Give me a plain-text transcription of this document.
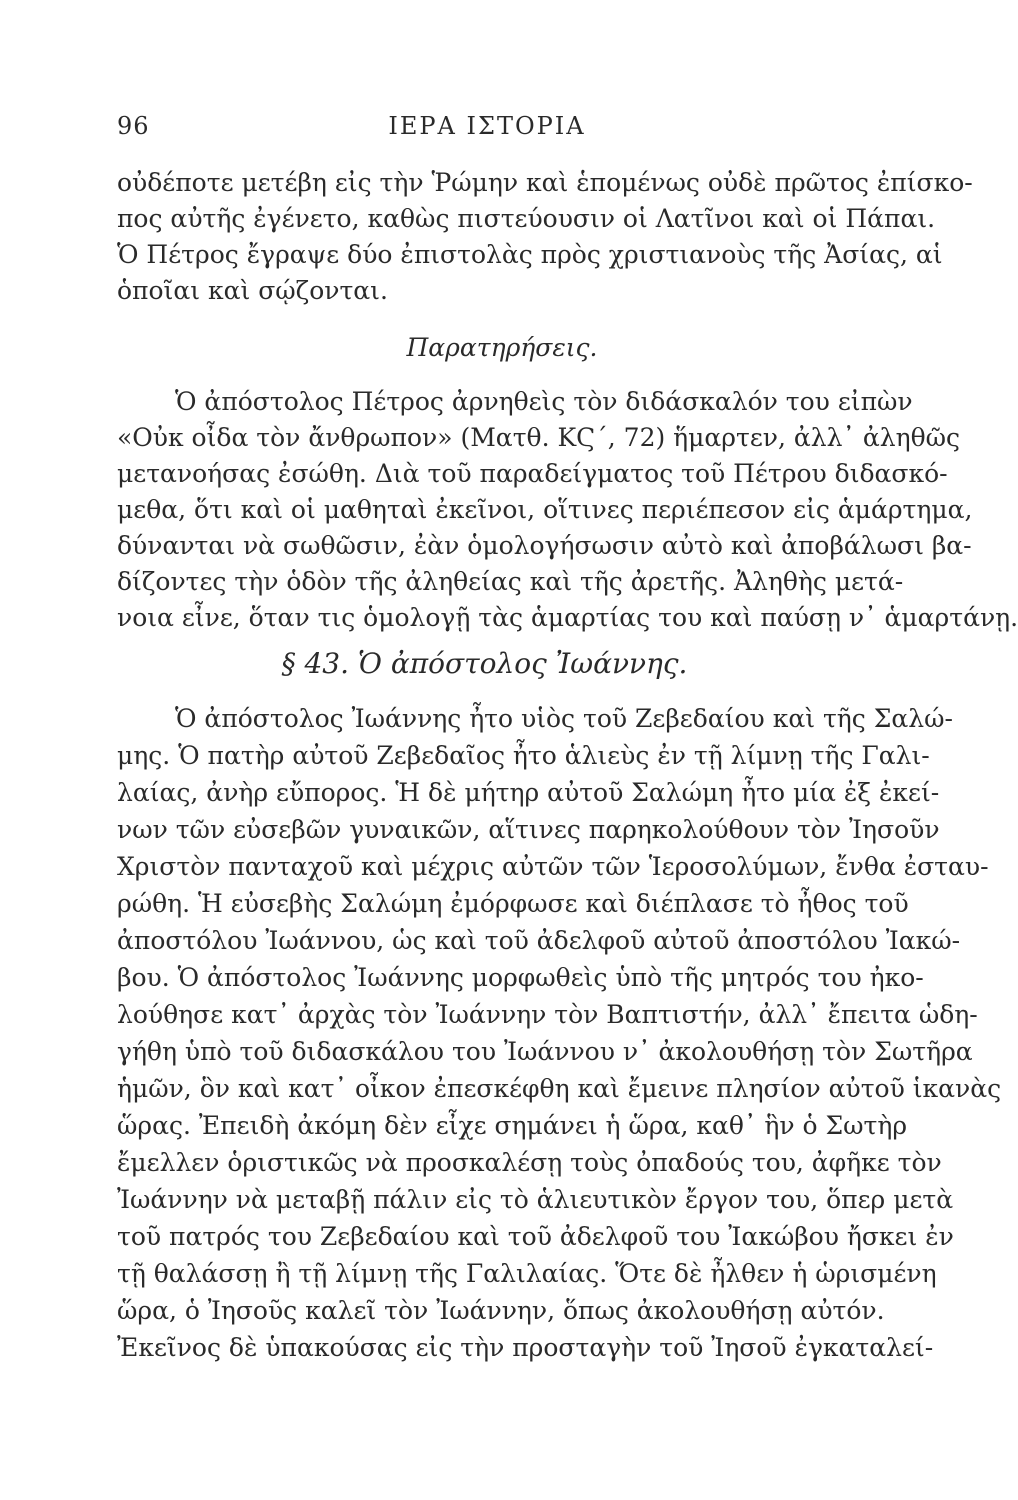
96	ΙΕΡΑ ΙΣΤΟΡΙΑ
οὐδέποτε μετέβη εἰς τὴν Ῥώμην καὶ ἑπομένως οὐδὲ πρῶτος ἐπίσκο-
πος αὐτῆς ἐγένετο, καθὼς πιστεύουσιν οἱ Λατῖνοι καὶ οἱ Πάπαι.
Ὁ Πέτρος ἔγραψε δύο ἐπιστολὰς πρὸς χριστιανοὺς τῆς Ἀσίας, αἱ
ὁποῖαι καὶ σῴζονται.
Παρατηρήσεις.
Ὁ ἀπόστολος Πέτρος ἀρνηθεὶς τὸν διδάσκαλόν του εἰπὼν
«Οὐκ οἶδα τὸν ἄνθρωπον» (Ματθ. ΚϚ΄, 72) ἥμαρτεν, ἀλλ᾽ ἀληθῶς
μετανοήσας ἐσώθη. Διὰ τοῦ παραδείγματος τοῦ Πέτρου διδασκό-
μεθα, ὅτι καὶ οἱ μαθηταὶ ἐκεῖνοι, οἵτινες περιέπεσον εἰς ἁμάρτημα,
δύνανται νὰ σωθῶσιν, ἐὰν ὁμολογήσωσιν αὐτὸ καὶ ἀποβάλωσι βα-
δίζοντες τὴν ὁδὸν τῆς ἀληθείας καὶ τῆς ἀρετῆς. Ἀληθὴς μετά-
νοια εἶνε, ὅταν τις ὁμολογῇ τὰς ἁμαρτίας του καὶ παύσῃ ν᾽ ἁμαρτάνῃ.
§ 43. Ὁ ἀπόστολος Ἰωάννης.
Ὁ ἀπόστολος Ἰωάννης ἦτο υἱὸς τοῦ Ζεβεδαίου καὶ τῆς Σαλώ-
μης. Ὁ πατὴρ αὐτοῦ Ζεβεδαῖος ἦτο ἁλιεὺς ἐν τῇ λίμνῃ τῆς Γαλι-
λαίας, ἀνὴρ εὔπορος. Ἡ δὲ μήτηρ αὐτοῦ Σαλώμη ἦτο μία ἐξ ἐκεί-
νων τῶν εὐσεβῶν γυναικῶν, αἵτινες παρηκολούθουν τὸν Ἰησοῦν
Χριστὸν πανταχοῦ καὶ μέχρις αὐτῶν τῶν Ἱεροσολύμων, ἔνθα ἐσταυ-
ρώθη. Ἡ εὐσεβὴς Σαλώμη ἐμόρφωσε καὶ διέπλασε τὸ ἦθος τοῦ
ἀποστόλου Ἰωάννου, ὡς καὶ τοῦ ἀδελφοῦ αὐτοῦ ἀποστόλου Ἰακώ-
βου. Ὁ ἀπόστολος Ἰωάννης μορφωθεὶς ὑπὸ τῆς μητρός του ἠκο-
λούθησε κατ᾽ ἀρχὰς τὸν Ἰωάννην τὸν Βαπτιστήν, ἀλλ᾽ ἔπειτα ὡδη-
γήθη ὑπὸ τοῦ διδασκάλου του Ἰωάννου ν᾽ ἀκολουθήσῃ τὸν Σωτῆρα
ἡμῶν, ὃν καὶ κατ᾽ οἶκον ἐπεσκέφθη καὶ ἔμεινε πλησίον αὐτοῦ ἱκανὰς
ὥρας. Ἐπειδὴ ἀκόμη δὲν εἶχε σημάνει ἡ ὥρα, καθ᾽ ἣν ὁ Σωτὴρ
ἔμελλεν ὁριστικῶς νὰ προσκαλέσῃ τοὺς ὀπαδούς του, ἀφῆκε τὸν
Ἰωάννην νὰ μεταβῇ πάλιν εἰς τὸ ἁλιευτικὸν ἔργον του, ὅπερ μετὰ
τοῦ πατρός του Ζεβεδαίου καὶ τοῦ ἀδελφοῦ του Ἰακώβου ἤσκει ἐν
τῇ θαλάσσῃ ἢ τῇ λίμνῃ τῆς Γαλιλαίας. Ὅτε δὲ ἦλθεν ἡ ὡρισμένη
ὥρα, ὁ Ἰησοῦς καλεῖ τὸν Ἰωάννην, ὅπως ἀκολουθήσῃ αὐτόν.
Ἐκεῖνος δὲ ὑπακούσας εἰς τὴν προσταγὴν τοῦ Ἰησοῦ ἐγκαταλεί-
